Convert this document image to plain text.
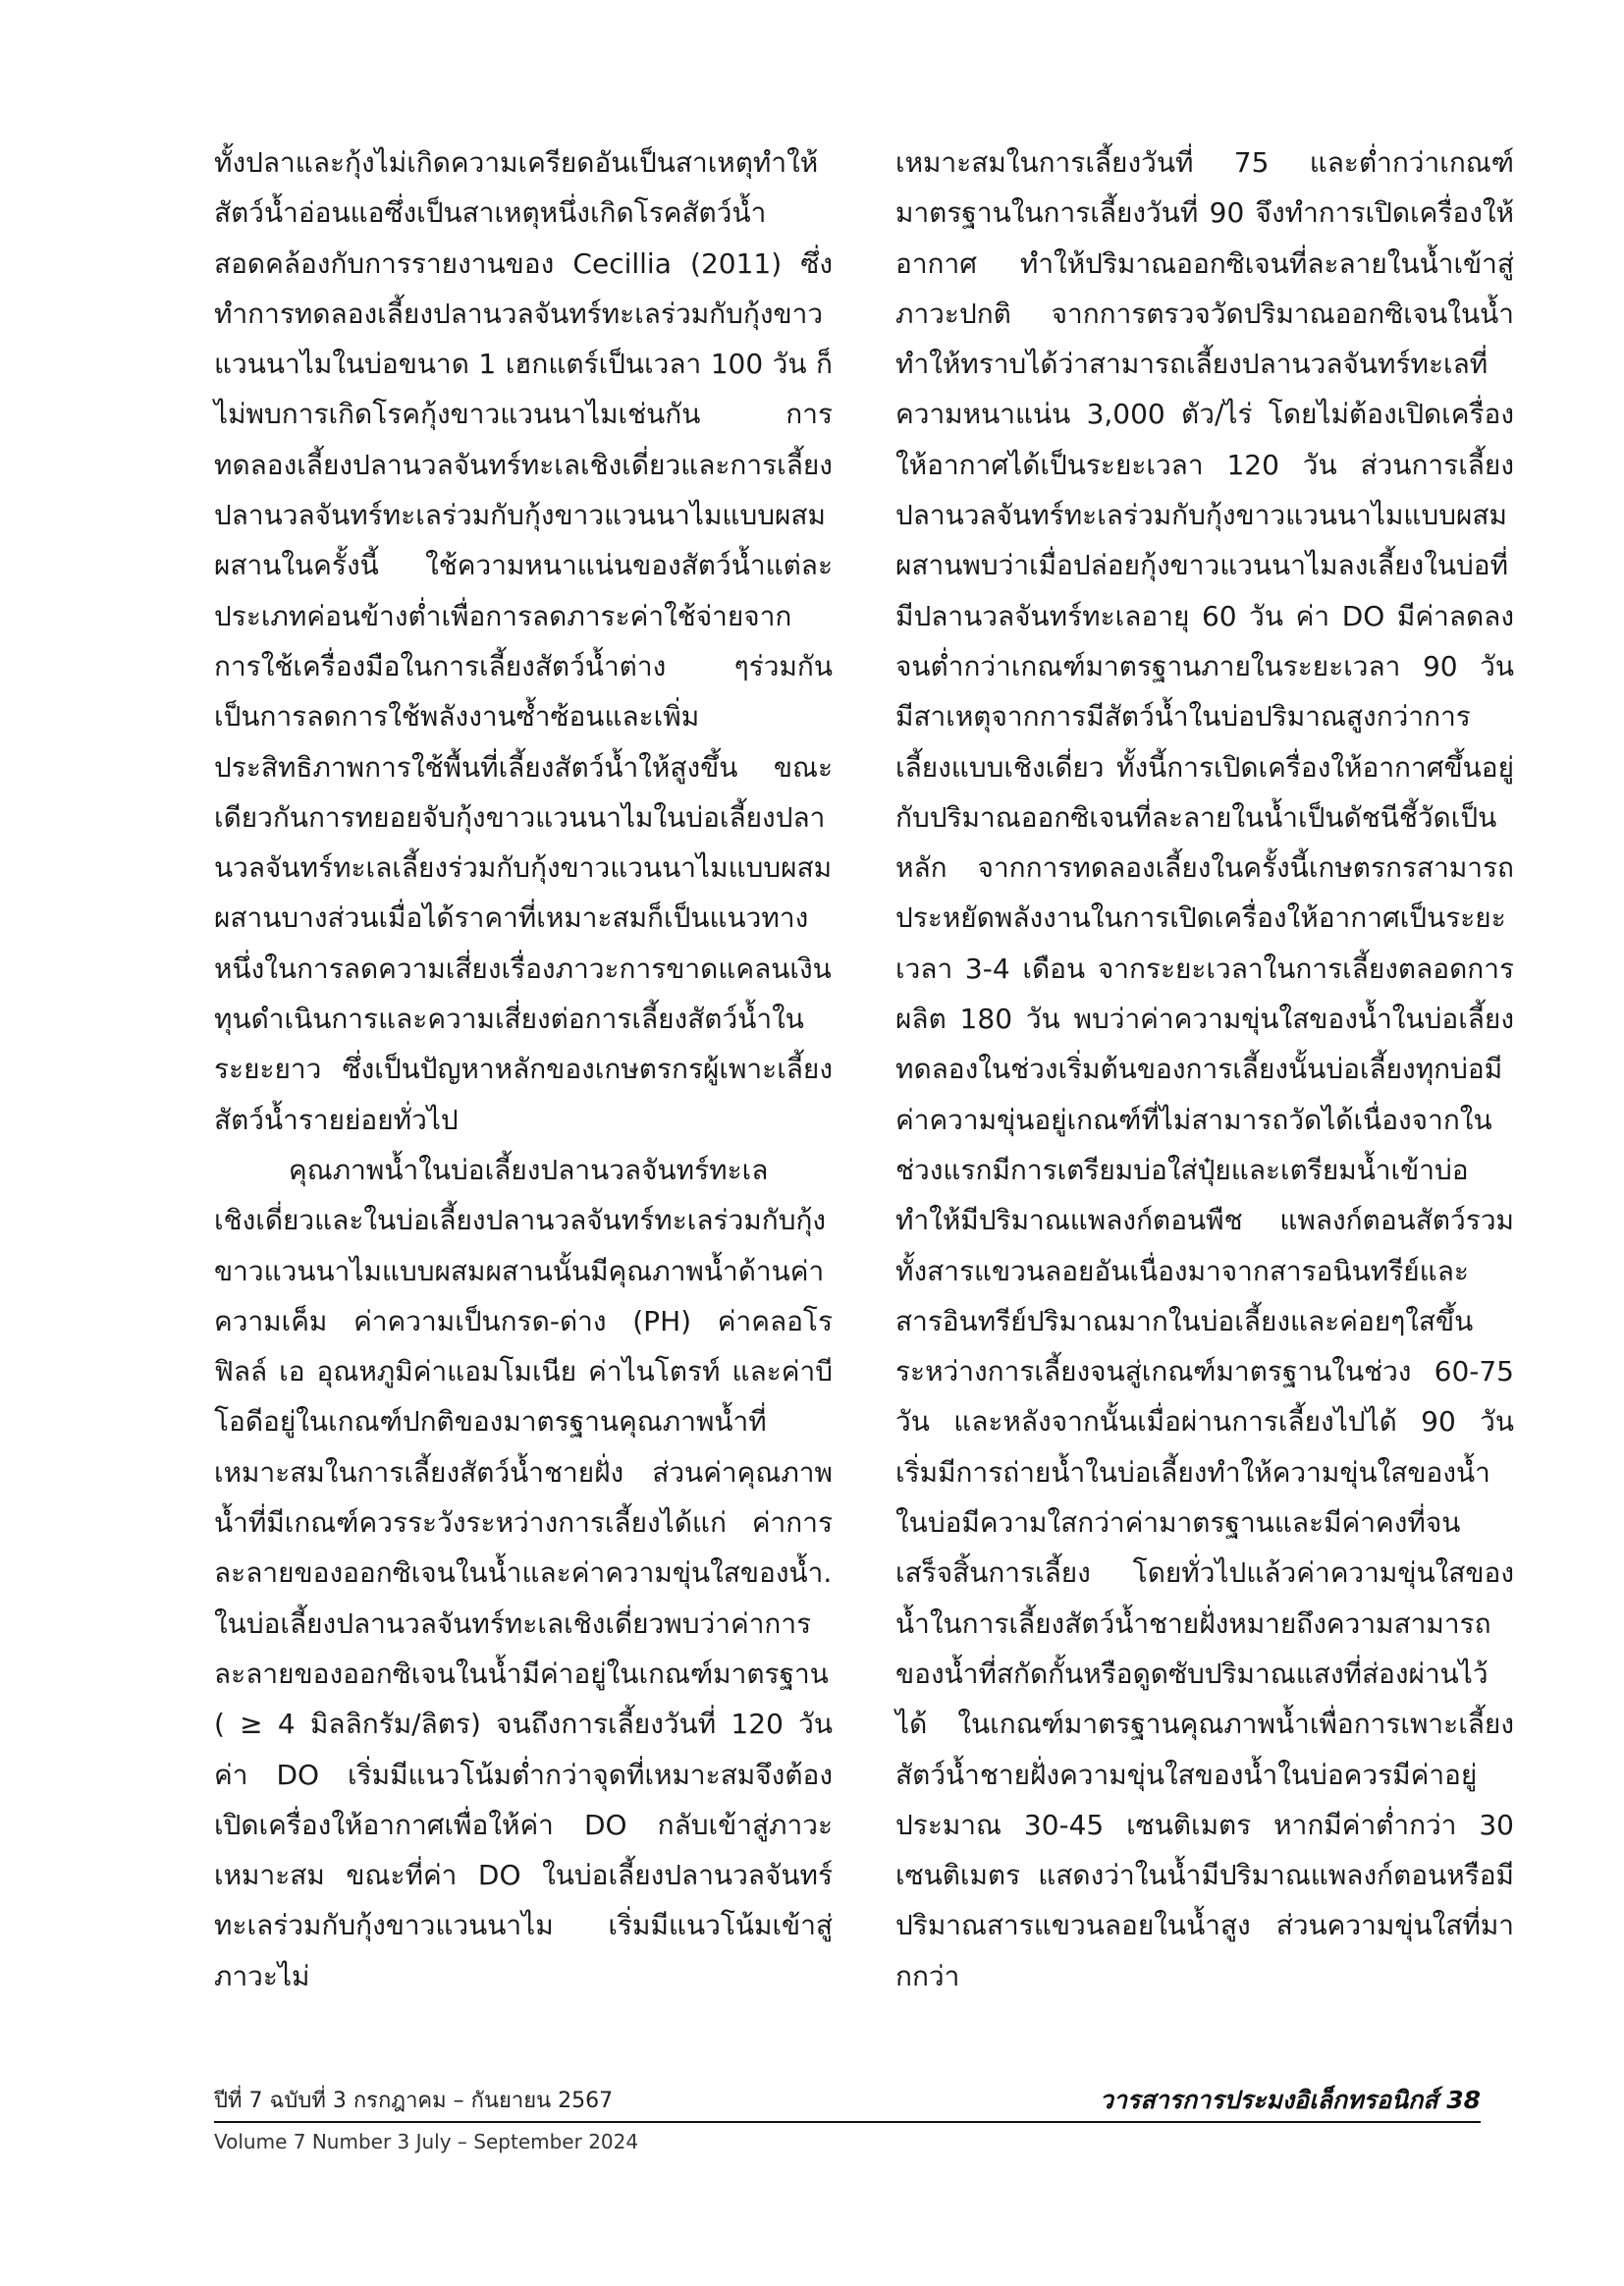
ทั้งปลาและกุ้งไม่เกิดความเครียดอันเป็นสาเหตุทำให้สัตว์น้ำอ่อนแอซึ่งเป็นสาเหตุหนึ่งเกิดโรคสัตว์น้ำ สอดคล้องกับการรายงานของ Cecillia (2011) ซึ่งทำการทดลองเลี้ยงปลานวลจันทร์ทะเลร่วมกับกุ้งขาวแวนนาไมในบ่อขนาด 1 เฮกแตร์เป็นเวลา 100 วัน ก็ไม่พบการเกิดโรคกุ้งขาวแวนนาไมเช่นกัน การทดลองเลี้ยงปลานวลจันทร์ทะเลเชิงเดี่ยวและการเลี้ยงปลานวลจันทร์ทะเลร่วมกับกุ้งขาวแวนนาไมแบบผสมผสานในครั้งนี้ ใช้ความหนาแน่นของสัตว์น้ำแต่ละประเภทค่อนข้างต่ำเพื่อการลดภาระค่าใช้จ่ายจากการใช้เครื่องมือในการเลี้ยงสัตว์น้ำต่าง ๆร่วมกัน เป็นการลดการใช้พลังงานซ้ำซ้อนและเพิ่มประสิทธิภาพการใช้พื้นที่เลี้ยงสัตว์น้ำให้สูงขึ้น ขณะเดียวกันการทยอยจับกุ้งขาวแวนนาไมในบ่อเลี้ยงปลานวลจันทร์ทะเลเลี้ยงร่วมกับกุ้งขาวแวนนาไมแบบผสมผสานบางส่วนเมื่อได้ราคาที่เหมาะสมก็เป็นแนวทางหนึ่งในการลดความเสี่ยงเรื่องภาวะการขาดแคลนเงินทุนดำเนินการและความเสี่ยงต่อการเลี้ยงสัตว์น้ำในระยะยาว ซึ่งเป็นปัญหาหลักของเกษตรกรผู้เพาะเลี้ยงสัตว์น้ำรายย่อยทั่วไป

คุณภาพน้ำในบ่อเลี้ยงปลานวลจันทร์ทะเลเชิงเดี่ยวและในบ่อเลี้ยงปลานวลจันทร์ทะเลร่วมกับกุ้งขาวแวนนาไมแบบผสมผสานนั้นมีคุณภาพน้ำด้านค่าความเค็ม ค่าความเป็นกรด-ด่าง (PH) ค่าคลอโรฟิลล์ เอ อุณหภูมิค่าแอมโมเนีย ค่าไนโตรท์ และค่าบีโอดีอยู่ในเกณฑ์ปกติของมาตรฐานคุณภาพน้ำที่เหมาะสมในการเลี้ยงสัตว์น้ำชายฝั่ง ส่วนค่าคุณภาพน้ำที่มีเกณฑ์ควรระวังระหว่างการเลี้ยงได้แก่ ค่าการละลายของออกซิเจนในน้ำและค่าความขุ่นใสของน้ำ. ในบ่อเลี้ยงปลานวลจันทร์ทะเลเชิงเดี่ยวพบว่าค่าการละลายของออกซิเจนในน้ำมีค่าอยู่ในเกณฑ์มาตรฐาน ( ≥ 4 มิลลิกรัม/ลิตร) จนถึงการเลี้ยงวันที่ 120 วัน ค่า DO เริ่มมีแนวโน้มต่ำกว่าจุดที่เหมาะสมจึงต้องเปิดเครื่องให้อากาศเพื่อให้ค่า DO กลับเข้าสู่ภาวะเหมาะสม ขณะที่ค่า DO ในบ่อเลี้ยงปลานวลจันทร์ทะเลร่วมกับกุ้งขาวแวนนาไม เริ่มมีแนวโน้มเข้าสู่ภาวะไม่

เหมาะสมในการเลี้ยงวันที่ 75 และต่ำกว่าเกณฑ์มาตรฐานในการเลี้ยงวันที่ 90 จึงทำการเปิดเครื่องให้อากาศ ทำให้ปริมาณออกซิเจนที่ละลายในน้ำเข้าสู่ภาวะปกติ จากการตรวจวัดปริมาณออกซิเจนในน้ำทำให้ทราบได้ว่าสามารถเลี้ยงปลานวลจันทร์ทะเลที่ความหนาแน่น 3,000 ตัว/ไร่ โดยไม่ต้องเปิดเครื่องให้อากาศได้เป็นระยะเวลา 120 วัน ส่วนการเลี้ยงปลานวลจันทร์ทะเลร่วมกับกุ้งขาวแวนนาไมแบบผสมผสานพบว่าเมื่อปล่อยกุ้งขาวแวนนาไมลงเลี้ยงในบ่อที่มีปลานวลจันทร์ทะเลอายุ 60 วัน ค่า DO มีค่าลดลงจนต่ำกว่าเกณฑ์มาตรฐานภายในระยะเวลา 90 วัน มีสาเหตุจากการมีสัตว์น้ำในบ่อปริมาณสูงกว่าการเลี้ยงแบบเชิงเดี่ยว ทั้งนี้การเปิดเครื่องให้อากาศขึ้นอยู่กับปริมาณออกซิเจนที่ละลายในน้ำเป็นดัชนีชี้วัดเป็นหลัก จากการทดลองเลี้ยงในครั้งนี้เกษตรกรสามารถประหยัดพลังงานในการเปิดเครื่องให้อากาศเป็นระยะเวลา 3-4 เดือน จากระยะเวลาในการเลี้ยงตลอดการผลิต 180 วัน พบว่าค่าความขุ่นใสของน้ำในบ่อเลี้ยงทดลองในช่วงเริ่มต้นของการเลี้ยงนั้นบ่อเลี้ยงทุกบ่อมีค่าความขุ่นอยู่เกณฑ์ที่ไม่สามารถวัดได้เนื่องจากในช่วงแรกมีการเตรียมบ่อใส่ปุ๋ยและเตรียมน้ำเข้าบ่อ ทำให้มีปริมาณแพลงก์ตอนพืช แพลงก์ตอนสัตว์รวมทั้งสารแขวนลอยอันเนื่องมาจากสารอนินทรีย์และสารอินทรีย์ปริมาณมากในบ่อเลี้ยงและค่อยๆใสขึ้นระหว่างการเลี้ยงจนสู่เกณฑ์มาตรฐานในช่วง 60-75 วัน และหลังจากนั้นเมื่อผ่านการเลี้ยงไปได้ 90 วัน เริ่มมีการถ่ายน้ำในบ่อเลี้ยงทำให้ความขุ่นใสของน้ำในบ่อมีความใสกว่าค่ามาตรฐานและมีค่าคงที่จนเสร็จสิ้นการเลี้ยง โดยทั่วไปแล้วค่าความขุ่นใสของน้ำในการเลี้ยงสัตว์น้ำชายฝั่งหมายถึงความสามารถของน้ำที่สกัดกั้นหรือดูดซับปริมาณแสงที่ส่องผ่านไว้ได้ ในเกณฑ์มาตรฐานคุณภาพน้ำเพื่อการเพาะเลี้ยงสัตว์น้ำชายฝั่งความขุ่นใสของน้ำในบ่อควรมีค่าอยู่ประมาณ 30-45 เซนติเมตร หากมีค่าต่ำกว่า 30 เซนติเมตร แสดงว่าในน้ำมีปริมาณแพลงก์ตอนหรือมีปริมาณสารแขวนลอยในน้ำสูง ส่วนความขุ่นใสที่มากกว่า

ปีที่ 7 ฉบับที่ 3 กรกฎาคม – กันยายน 2567
Volume 7 Number 3 July – September 2024
วารสารการประมงอิเล็กทรอนิกส์ 38
